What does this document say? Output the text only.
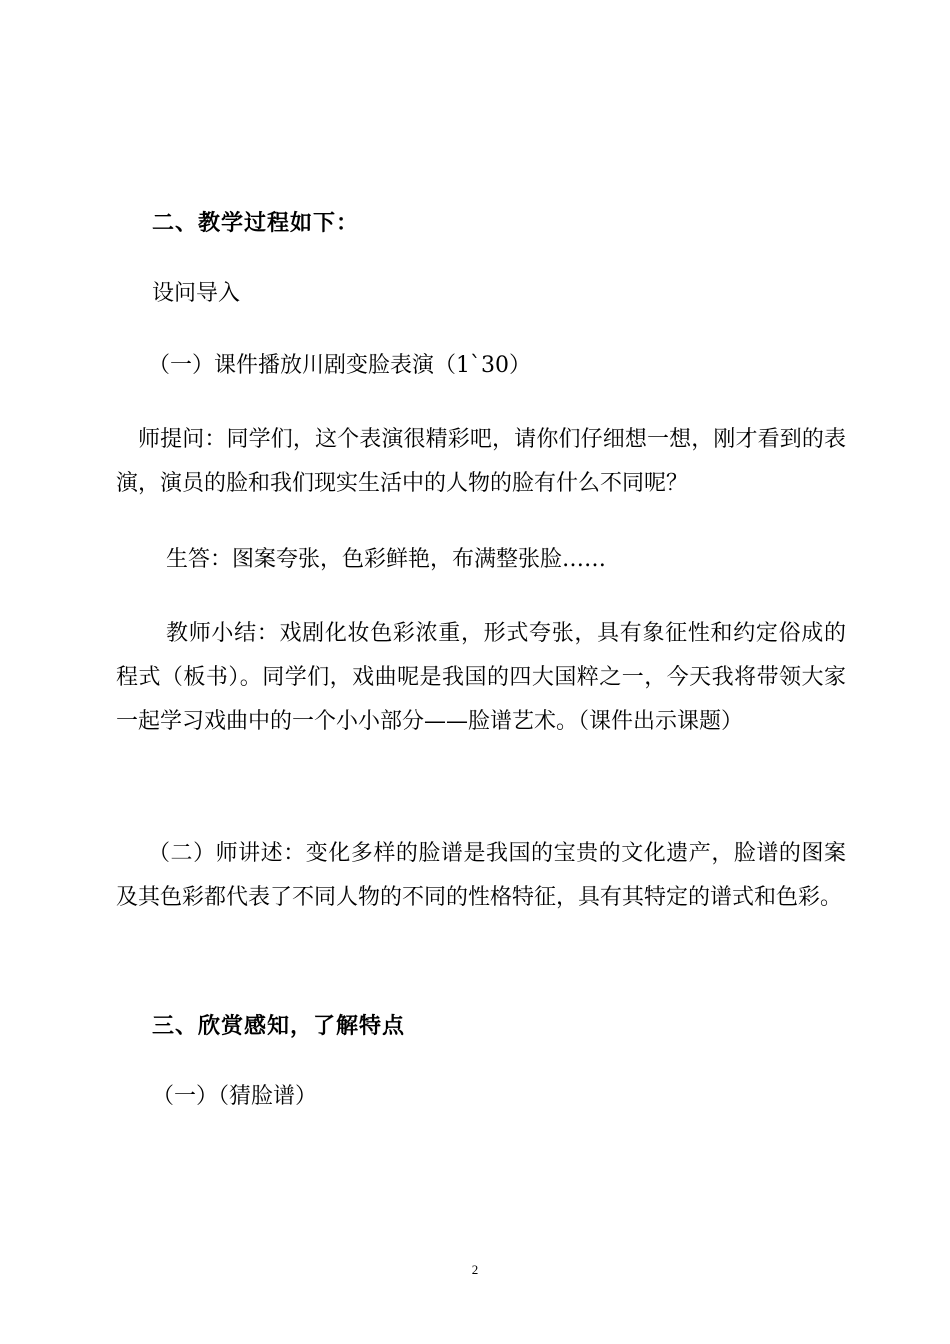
二、教学过程如下：
设问导入
（一）课件播放川剧变脸表演（1`30）
师提问：同学们，这个表演很精彩吧，请你们仔细想一想，刚才看到的表演，演员的脸和我们现实生活中的人物的脸有什么不同呢？
生答：图案夸张，色彩鲜艳，布满整张脸……
教师小结：戏剧化妆色彩浓重，形式夸张，具有象征性和约定俗成的程式（板书）。同学们，戏曲呢是我国的四大国粹之一，今天我将带领大家一起学习戏曲中的一个小小部分——脸谱艺术。（课件出示课题）
（二）师讲述：变化多样的脸谱是我国的宝贵的文化遗产，脸谱的图案及其色彩都代表了不同人物的不同的性格特征，具有其特定的谱式和色彩。
三、欣赏感知，了解特点
（一）（猜脸谱）
2
